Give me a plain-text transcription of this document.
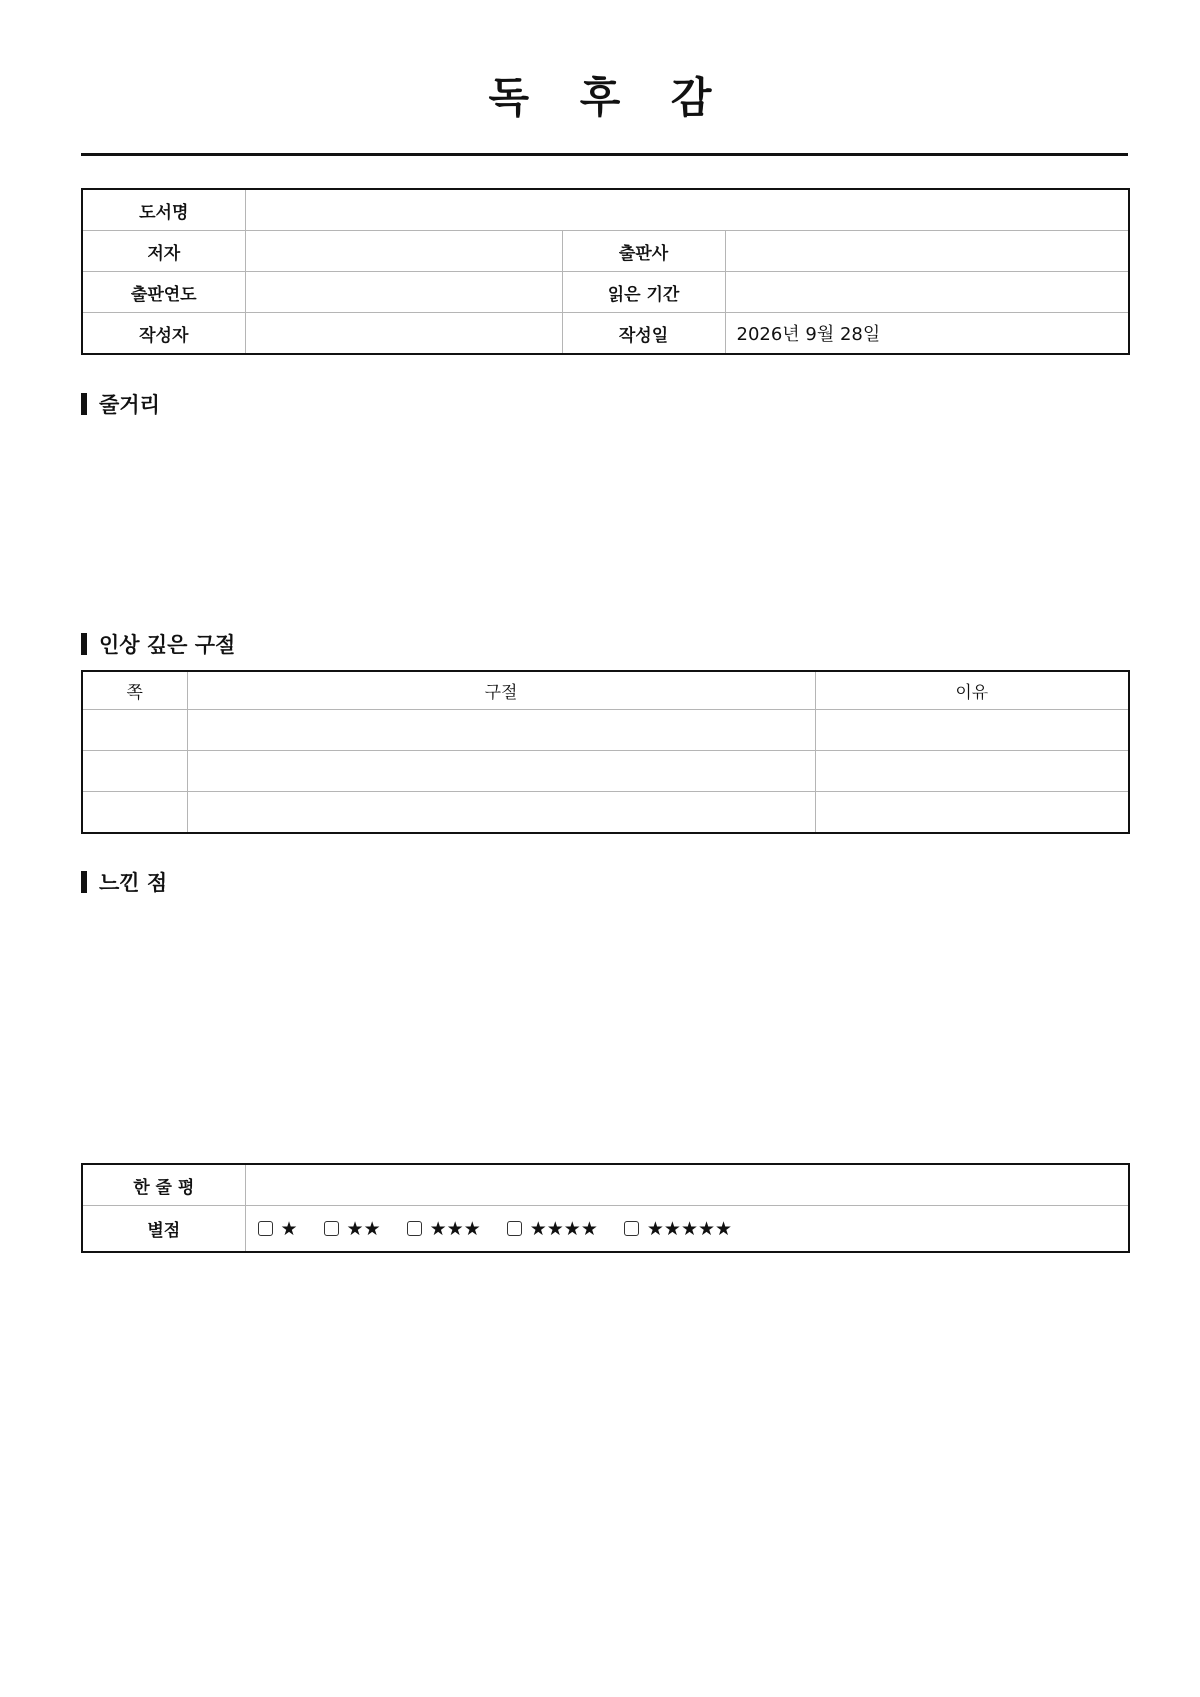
독 후 감
도서명			
저자		출판사	
출판연도		읽은 기간	
작성자		작성일	2026년 9월 28일
줄거리
인상 깊은 구절
쪽	구절	이유

느낀 점
한 줄 평	
별점	★ ★★ ★★★ ★★★★ ★★★★★
